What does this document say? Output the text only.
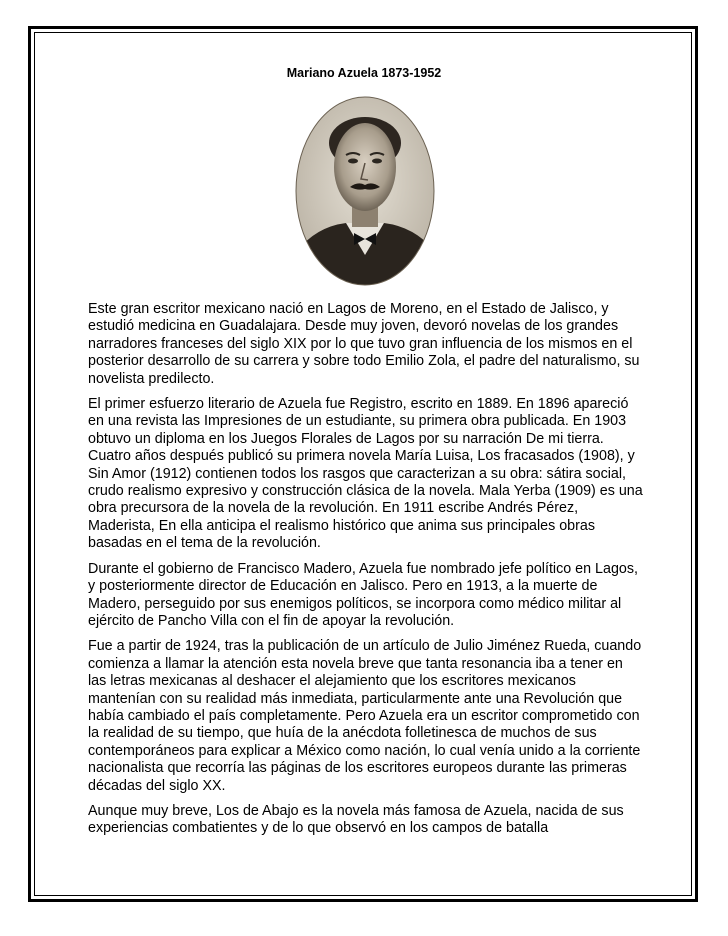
Mariano Azuela 1873-1952

Este gran escritor mexicano nació en Lagos de Moreno, en el Estado de Jalisco, y estudió medicina en Guadalajara. Desde muy joven, devoró novelas de los grandes narradores franceses del siglo XIX por lo que tuvo gran influencia de los mismos en el posterior desarrollo de su carrera y sobre todo Emilio Zola, el padre del naturalismo, su novelista predilecto.

El primer esfuerzo literario de Azuela fue Registro, escrito en 1889. En 1896 apareció en una revista las Impresiones de un estudiante, su primera obra publicada. En 1903 obtuvo un diploma en los Juegos Florales de Lagos por su narración De mi tierra. Cuatro años después publicó su primera novela María Luisa, Los fracasados (1908), y Sin Amor (1912) contienen todos los rasgos que caracterizan a su obra: sátira social, crudo realismo expresivo y construcción clásica de la novela. Mala Yerba (1909) es una obra precursora de la novela de la revolución. En 1911 escribe Andrés Pérez, Maderista, En ella anticipa el realismo histórico que anima sus principales obras basadas en el tema de la revolución.

Durante el gobierno de Francisco Madero, Azuela fue nombrado jefe político en Lagos, y posteriormente director de Educación en Jalisco. Pero en 1913, a la muerte de Madero, perseguido por sus enemigos políticos, se incorpora como médico militar al ejército de Pancho Villa con el fin de apoyar la revolución.

Fue a partir de 1924, tras la publicación de un artículo de Julio Jiménez Rueda, cuando comienza a llamar la atención esta novela breve que tanta resonancia iba a tener en las letras mexicanas al deshacer el alejamiento que los escritores mexicanos mantenían con su realidad más inmediata, particularmente ante una Revolución que había cambiado el país completamente. Pero Azuela era un escritor comprometido con la realidad de su tiempo, que huía de la anécdota folletinesca de muchos de sus contemporáneos para explicar a México como nación, lo cual venía unido a la corriente nacionalista que recorría las páginas de los escritores europeos durante las primeras décadas del siglo XX.

Aunque muy breve, Los de Abajo es la novela más famosa de Azuela, nacida de sus experiencias combatientes y de lo que observó en los campos de batalla
